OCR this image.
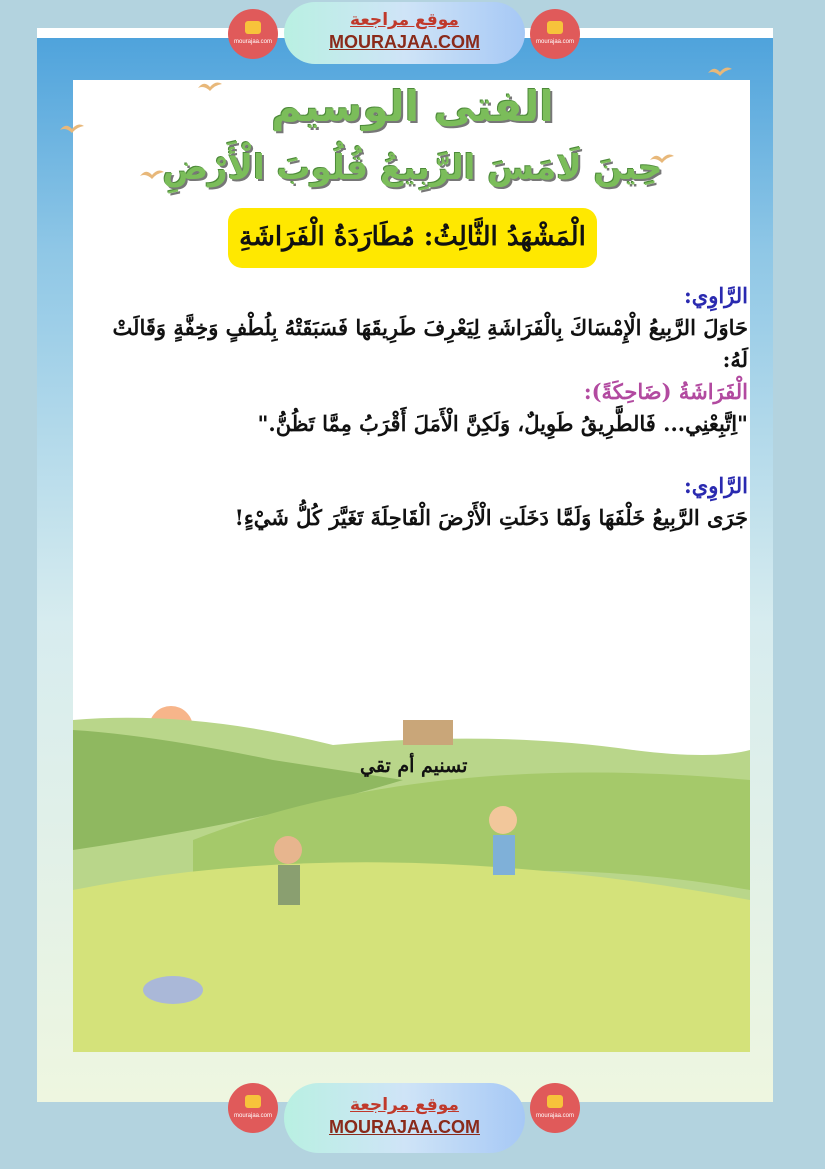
mourajaa.com	mourajaa.com
موقع مراجعة
MOURAJAA.COM
الفتى الوسيم
حِينَ لَامَسَ الرَّبِيعُ قُلُوبَ الْأَرْضِ
الْمَشْهَدُ الثَّالِثُ: مُطَارَدَةُ الْفَرَاشَةِ
الرَّاوِي:
حَاوَلَ الرَّبِيعُ الْإِمْسَاكَ بِالْفَرَاشَةِ لِيَعْرِفَ طَرِيقَهَا فَسَبَقَتْهُ بِلُطْفٍ وَخِفَّةٍ وَقَالَتْ لَهُ:
الْفَرَاشَةُ (ضَاحِكَةً):
"اِتَّبِعْنِي... فَالطَّرِيقُ طَوِيلٌ، وَلَكِنَّ الْأَمَلَ أَقْرَبُ مِمَّا تَظُنُّ."
الرَّاوِي:
جَرَى الرَّبِيعُ خَلْفَهَا وَلَمَّا دَخَلَتِ الْأَرْضَ الْقَاحِلَةَ تَغَيَّرَ كُلُّ شَيْءٍ!
تسنيم أم تقي
mourajaa.com	mourajaa.com
موقع مراجعة
MOURAJAA.COM
